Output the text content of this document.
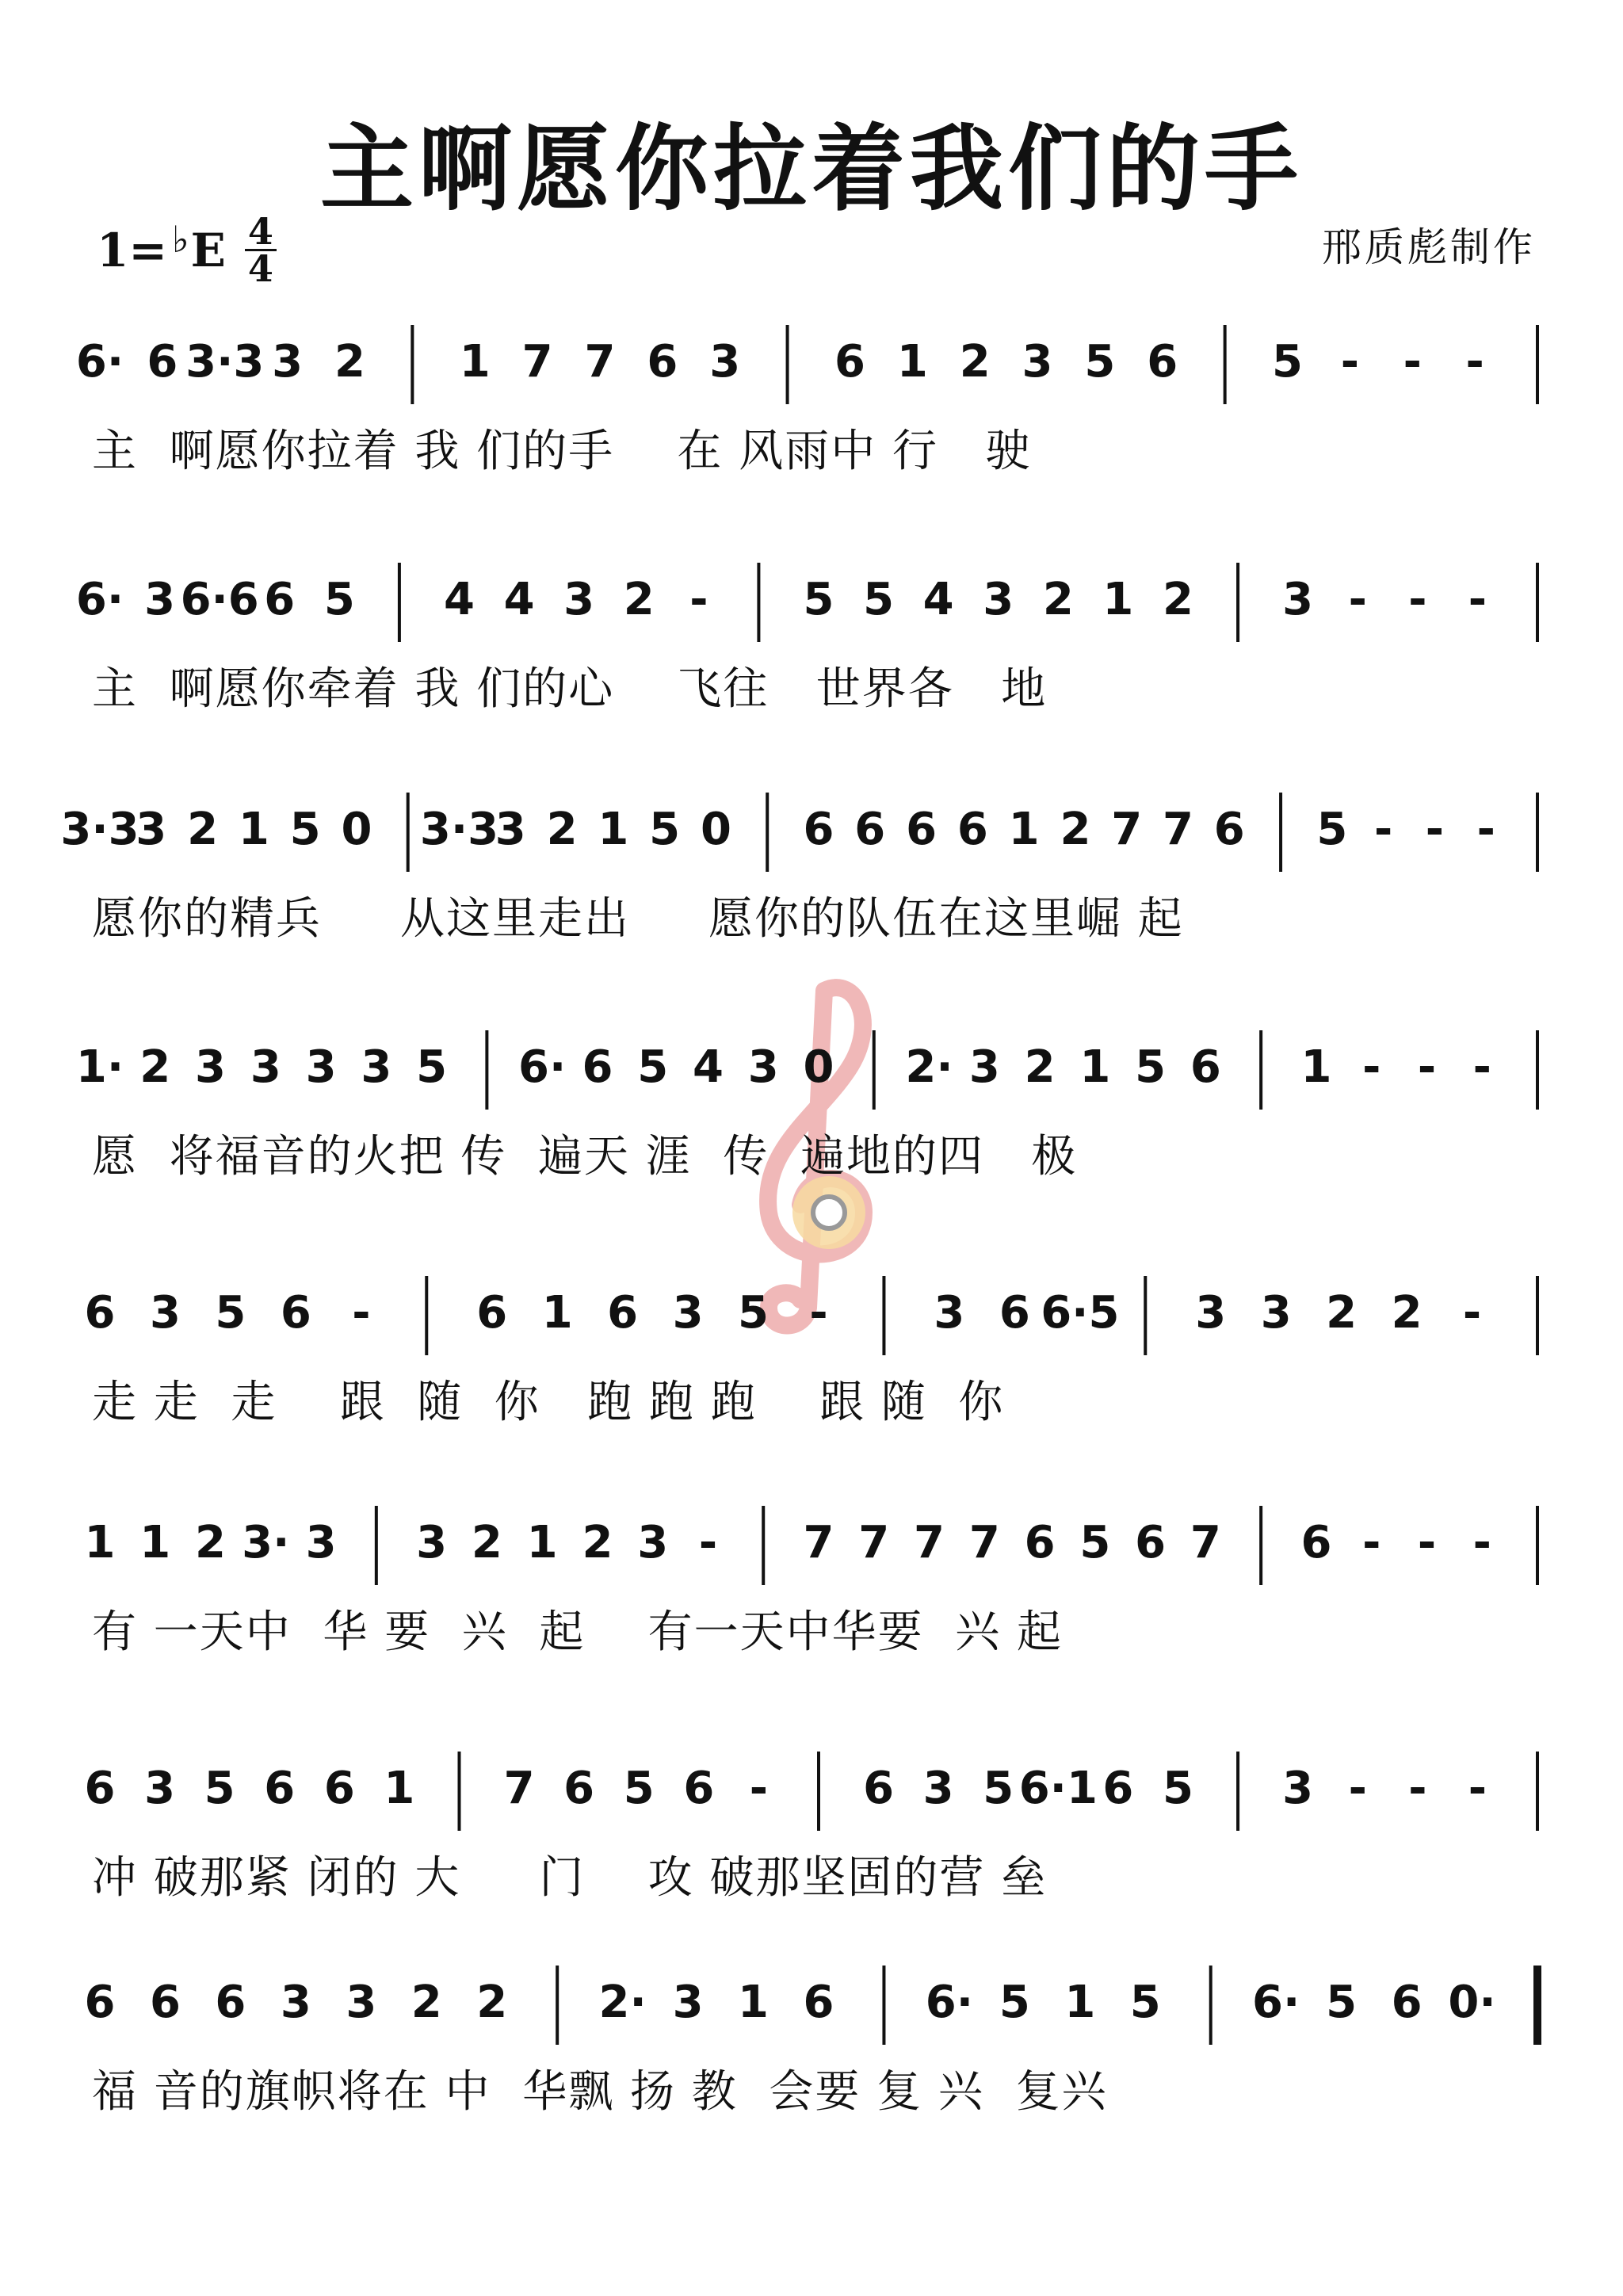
主啊愿你拉着我们的手
1= ♭ E 4
4	邢质彪制作
6· 6 3·3 3 2 1 7 7 6 3 6 1 2 3 5 6 5 - - -
主  啊愿你拉着 我 们的手    在 风雨中 行   驶
6· 3 6·6 6 5 4 4 3 2 - 5 5 4 3 2 1 2 3 - - -
主  啊愿你牵着 我 们的心    飞往   世界各   地
3·3
3 2 1 5 0 3·3
3 2 1 5 0 6 6 6 6 1 2 7 7 6 5 - - -
愿你的精兵     从这里走出     愿你的队伍在这里崛 起
1· 2 3 3 3 3 5 6· 6 5 4 3 0 2· 3 2 1 5 6 1 - - -
愿  将福音的火把 传  遍天 涯  传  遍地的四   极
6 3 5 6 - 6 1 6 3 5 - 3 6 6·5 3 3 2 2 -
走 走  走    跟  随  你   跑 跑 跑    跟 随  你
1 1 2 3· 3 3 2 1 2 3 - 7 7 7 7 6 5 6 7 6 - - -
有 一天中  华 要  兴  起    有一天中华要  兴 起
6 3 5 6 6 1 7 6 5 6 - 6 3 5 6·1 6 5 3 - - -
冲 破那紧 闭的 大     门    攻 破那坚固的营 垒
6 6 6 3 3 2 2 2· 3 1 6 6· 5 1 5 6· 5 6 0·
福 音的旗帜将在 中  华飘 扬 教  会要 复 兴  复兴
